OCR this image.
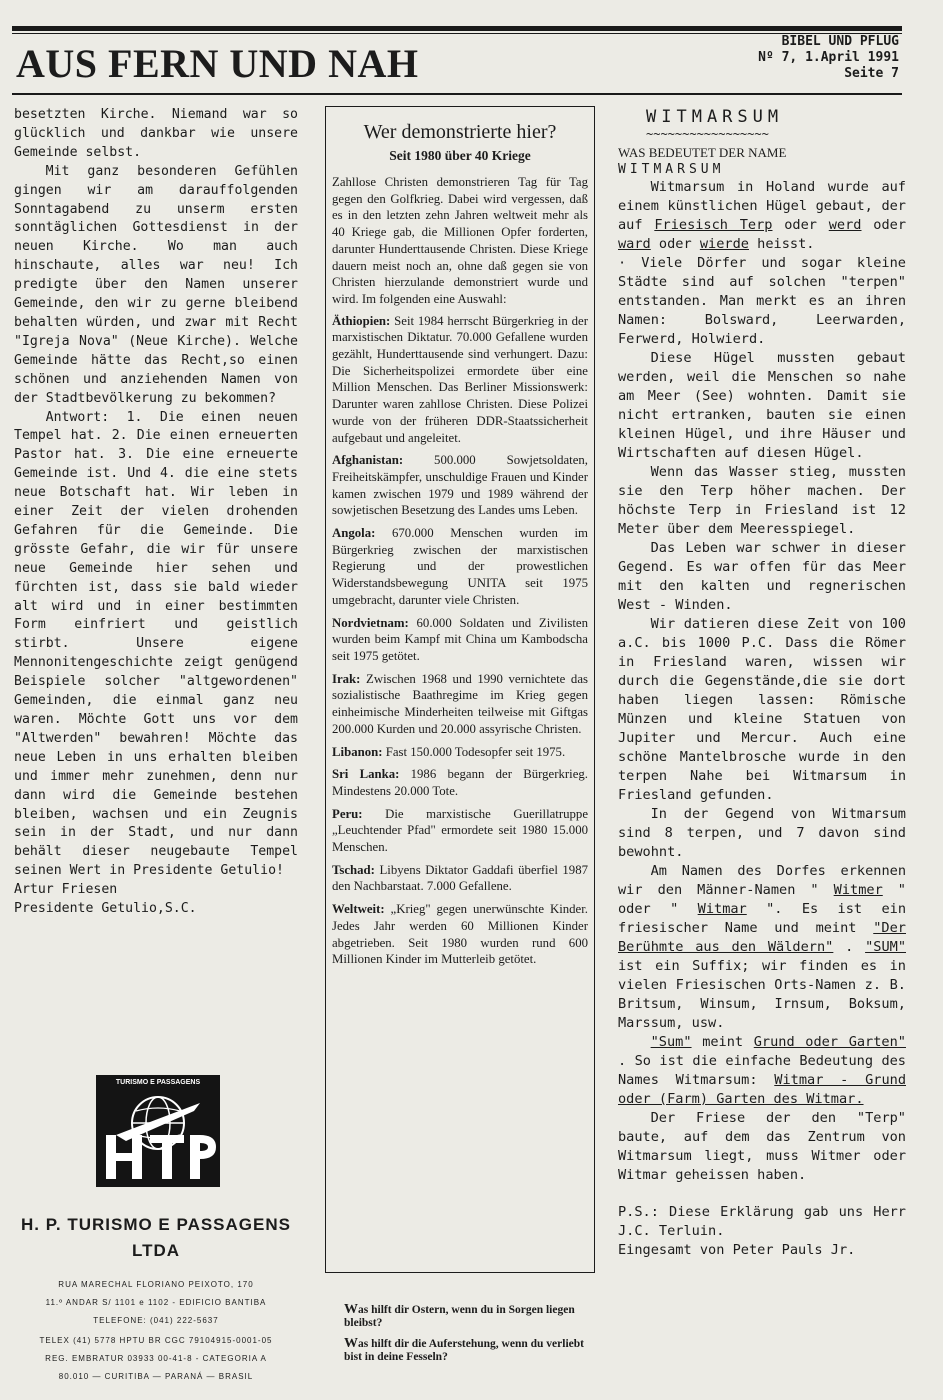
AUS FERN UND NAH	BIBEL UND PFLUG
Nº 7, 1.April 1991
Seite 7

besetzten Kirche. Niemand war so glücklich und dankbar wie unsere Gemeinde selbst.

Mit ganz besonderen Gefühlen gingen wir am darauffolgenden Sonntagabend zu unserm ersten sonntäglichen Gottesdienst in der neuen Kirche. Wo man auch hinschaute, alles war neu! Ich predigte über den Namen unserer Gemeinde, den wir zu gerne bleibend behalten würden, und zwar mit Recht "Igreja Nova" (Neue Kirche). Welche Gemeinde hätte das Recht,so einen schönen und anziehenden Namen von der Stadtbevölkerung zu bekommen?

Antwort: 1. Die einen neuen Tempel hat. 2. Die einen erneuerten Pastor hat. 3. Die eine erneuerte Gemeinde ist. Und 4. die eine stets neue Botschaft hat. Wir leben in einer Zeit der vielen drohenden Gefahren für die Gemeinde. Die grösste Gefahr, die wir für unsere neue Gemeinde hier sehen und fürchten ist, dass sie bald wieder alt wird und in einer bestimmten Form einfriert und geistlich stirbt. Unsere eigene Mennonitengeschichte zeigt genügend Beispiele solcher "altgewordenen" Gemeinden, die einmal ganz neu waren. Möchte Gott uns vor dem "Altwerden" bewahren! Möchte das neue Leben in uns erhalten bleiben und immer mehr zunehmen, denn nur dann wird die Gemeinde bestehen bleiben, wachsen und ein Zeugnis sein in der Stadt, und nur dann behält dieser neugebaute Tempel seinen Wert in Presidente Getulio!

Artur Friesen

Presidente Getulio,S.C.

TURISMO E PASSAGENS
H. P. TURISMO E PASSAGENS
LTDA
RUA MARECHAL FLORIANO PEIXOTO, 170
11.º ANDAR S/ 1101 e 1102 - EDIFICIO BANTIBA
TELEFONE: (041) 222-5637
TELEX (41) 5778 HPTU BR CGC 79104915-0001-05
REG. EMBRATUR 03933 00-41-8 - CATEGORIA A
80.010 — CURITIBA — PARANÁ — BRASIL
Wer demonstrierte hier?
Seit 1980 über 40 Kriege

Zahllose Christen demonstrieren Tag für Tag gegen den Golfkrieg. Dabei wird vergessen, daß es in den letzten zehn Jahren weltweit mehr als 40 Kriege gab, die Millionen Opfer forderten, darunter Hunderttausende Christen. Diese Kriege dauern meist noch an, ohne daß gegen sie von Christen hierzulande demonstriert wurde und wird. Im folgenden eine Auswahl:

Äthiopien: Seit 1984 herrscht Bürgerkrieg in der marxistischen Diktatur. 70.000 Gefallene wurden gezählt, Hunderttausende sind verhungert. Dazu: Die Sicherheitspolizei ermordete über eine Million Menschen. Das Berliner Missionswerk: Darunter waren zahllose Christen. Diese Polizei wurde von der früheren DDR-Staatssicherheit aufgebaut und angeleitet.

Afghanistan: 500.000 Sowjetsoldaten, Freiheitskämpfer, unschuldige Frauen und Kinder kamen zwischen 1979 und 1989 während der sowjetischen Besetzung des Landes ums Leben.

Angola: 670.000 Menschen wurden im Bürgerkrieg zwischen der marxistischen Regierung und der prowestlichen Widerstandsbewegung UNITA seit 1975 umgebracht, darunter viele Christen.

Nordvietnam: 60.000 Soldaten und Zivilisten wurden beim Kampf mit China um Kambodscha seit 1975 getötet.

Irak: Zwischen 1968 und 1990 vernichtete das sozialistische Baathregime im Krieg gegen einheimische Minderheiten teilweise mit Giftgas 200.000 Kurden und 20.000 assyrische Christen.

Libanon: Fast 150.000 Todesopfer seit 1975.

Sri Lanka: 1986 begann der Bürgerkrieg. Mindestens 20.000 Tote.

Peru: Die marxistische Guerillatruppe „Leuchtender Pfad" ermordete seit 1980 15.000 Menschen.

Tschad: Libyens Diktator Gaddafi überfiel 1987 den Nachbarstaat. 7.000 Gefallene.

Weltweit: „Krieg" gegen unerwünschte Kinder. Jedes Jahr werden 60 Millionen Kinder abgetrieben. Seit 1980 wurden rund 600 Millionen Kinder im Mutterleib getötet.

Was hilft dir Ostern, wenn du in Sorgen liegen bleibst?
Was hilft dir die Auferstehung, wenn du verliebt bist in deine Fesseln?

WITMARSUM

~~~~~~~~~~~~~~~~~

WAS BEDEUTET DER NAME

WITMARSUM

Witmarsum in Holand wurde auf einem künstlichen Hügel gebaut, der auf Friesisch Terp oder werd oder ward oder wierde heisst.

· Viele Dörfer und sogar kleine Städte sind auf solchen "terpen" entstanden. Man merkt es an ihren Namen: Bolsward, Leerwarden, Ferwerd, Holwierd.

Diese Hügel mussten gebaut werden, weil die Menschen so nahe am Meer (See) wohnten. Damit sie nicht ertranken, bauten sie einen kleinen Hügel, und ihre Häuser und Wirtschaften auf diesen Hügel.

Wenn das Wasser stieg, mussten sie den Terp höher machen. Der höchste Terp in Friesland ist 12 Meter über dem Meeresspiegel.

Das Leben war schwer in dieser Gegend. Es war offen für das Meer mit den kalten und regnerischen West - Winden.

Wir datieren diese Zeit von 100 a.C. bis 1000 P.C. Dass die Römer in Friesland waren, wissen wir durch die Gegenstände,die sie dort haben liegen lassen: Römische Münzen und kleine Statuen von Jupiter und Mercur. Auch eine schöne Mantelbrosche wurde in den terpen Nahe bei Witmarsum in Friesland gefunden.

In der Gegend von Witmarsum sind 8 terpen, und 7 davon sind bewohnt.

Am Namen des Dorfes erkennen wir den Männer-Namen " Witmer " oder " Witmar ". Es ist ein friesischer Name und meint "Der Berühmte aus den Wäldern" . "SUM" ist ein Suffix; wir finden es in vielen Friesischen Orts-Namen z. B. Britsum, Winsum, Irnsum, Boksum, Marssum, usw.

"Sum" meint Grund oder Garten" . So ist die einfache Bedeutung des Names Witmarsum: Witmar - Grund oder (Farm) Garten des Witmar.

Der Friese der den "Terp" baute, auf dem das Zentrum von Witmarsum liegt, muss Witmer oder Witmar geheissen haben.

P.S.: Diese Erklärung gab uns Herr J.C. Terluin.

Eingesamt von Peter Pauls Jr.
